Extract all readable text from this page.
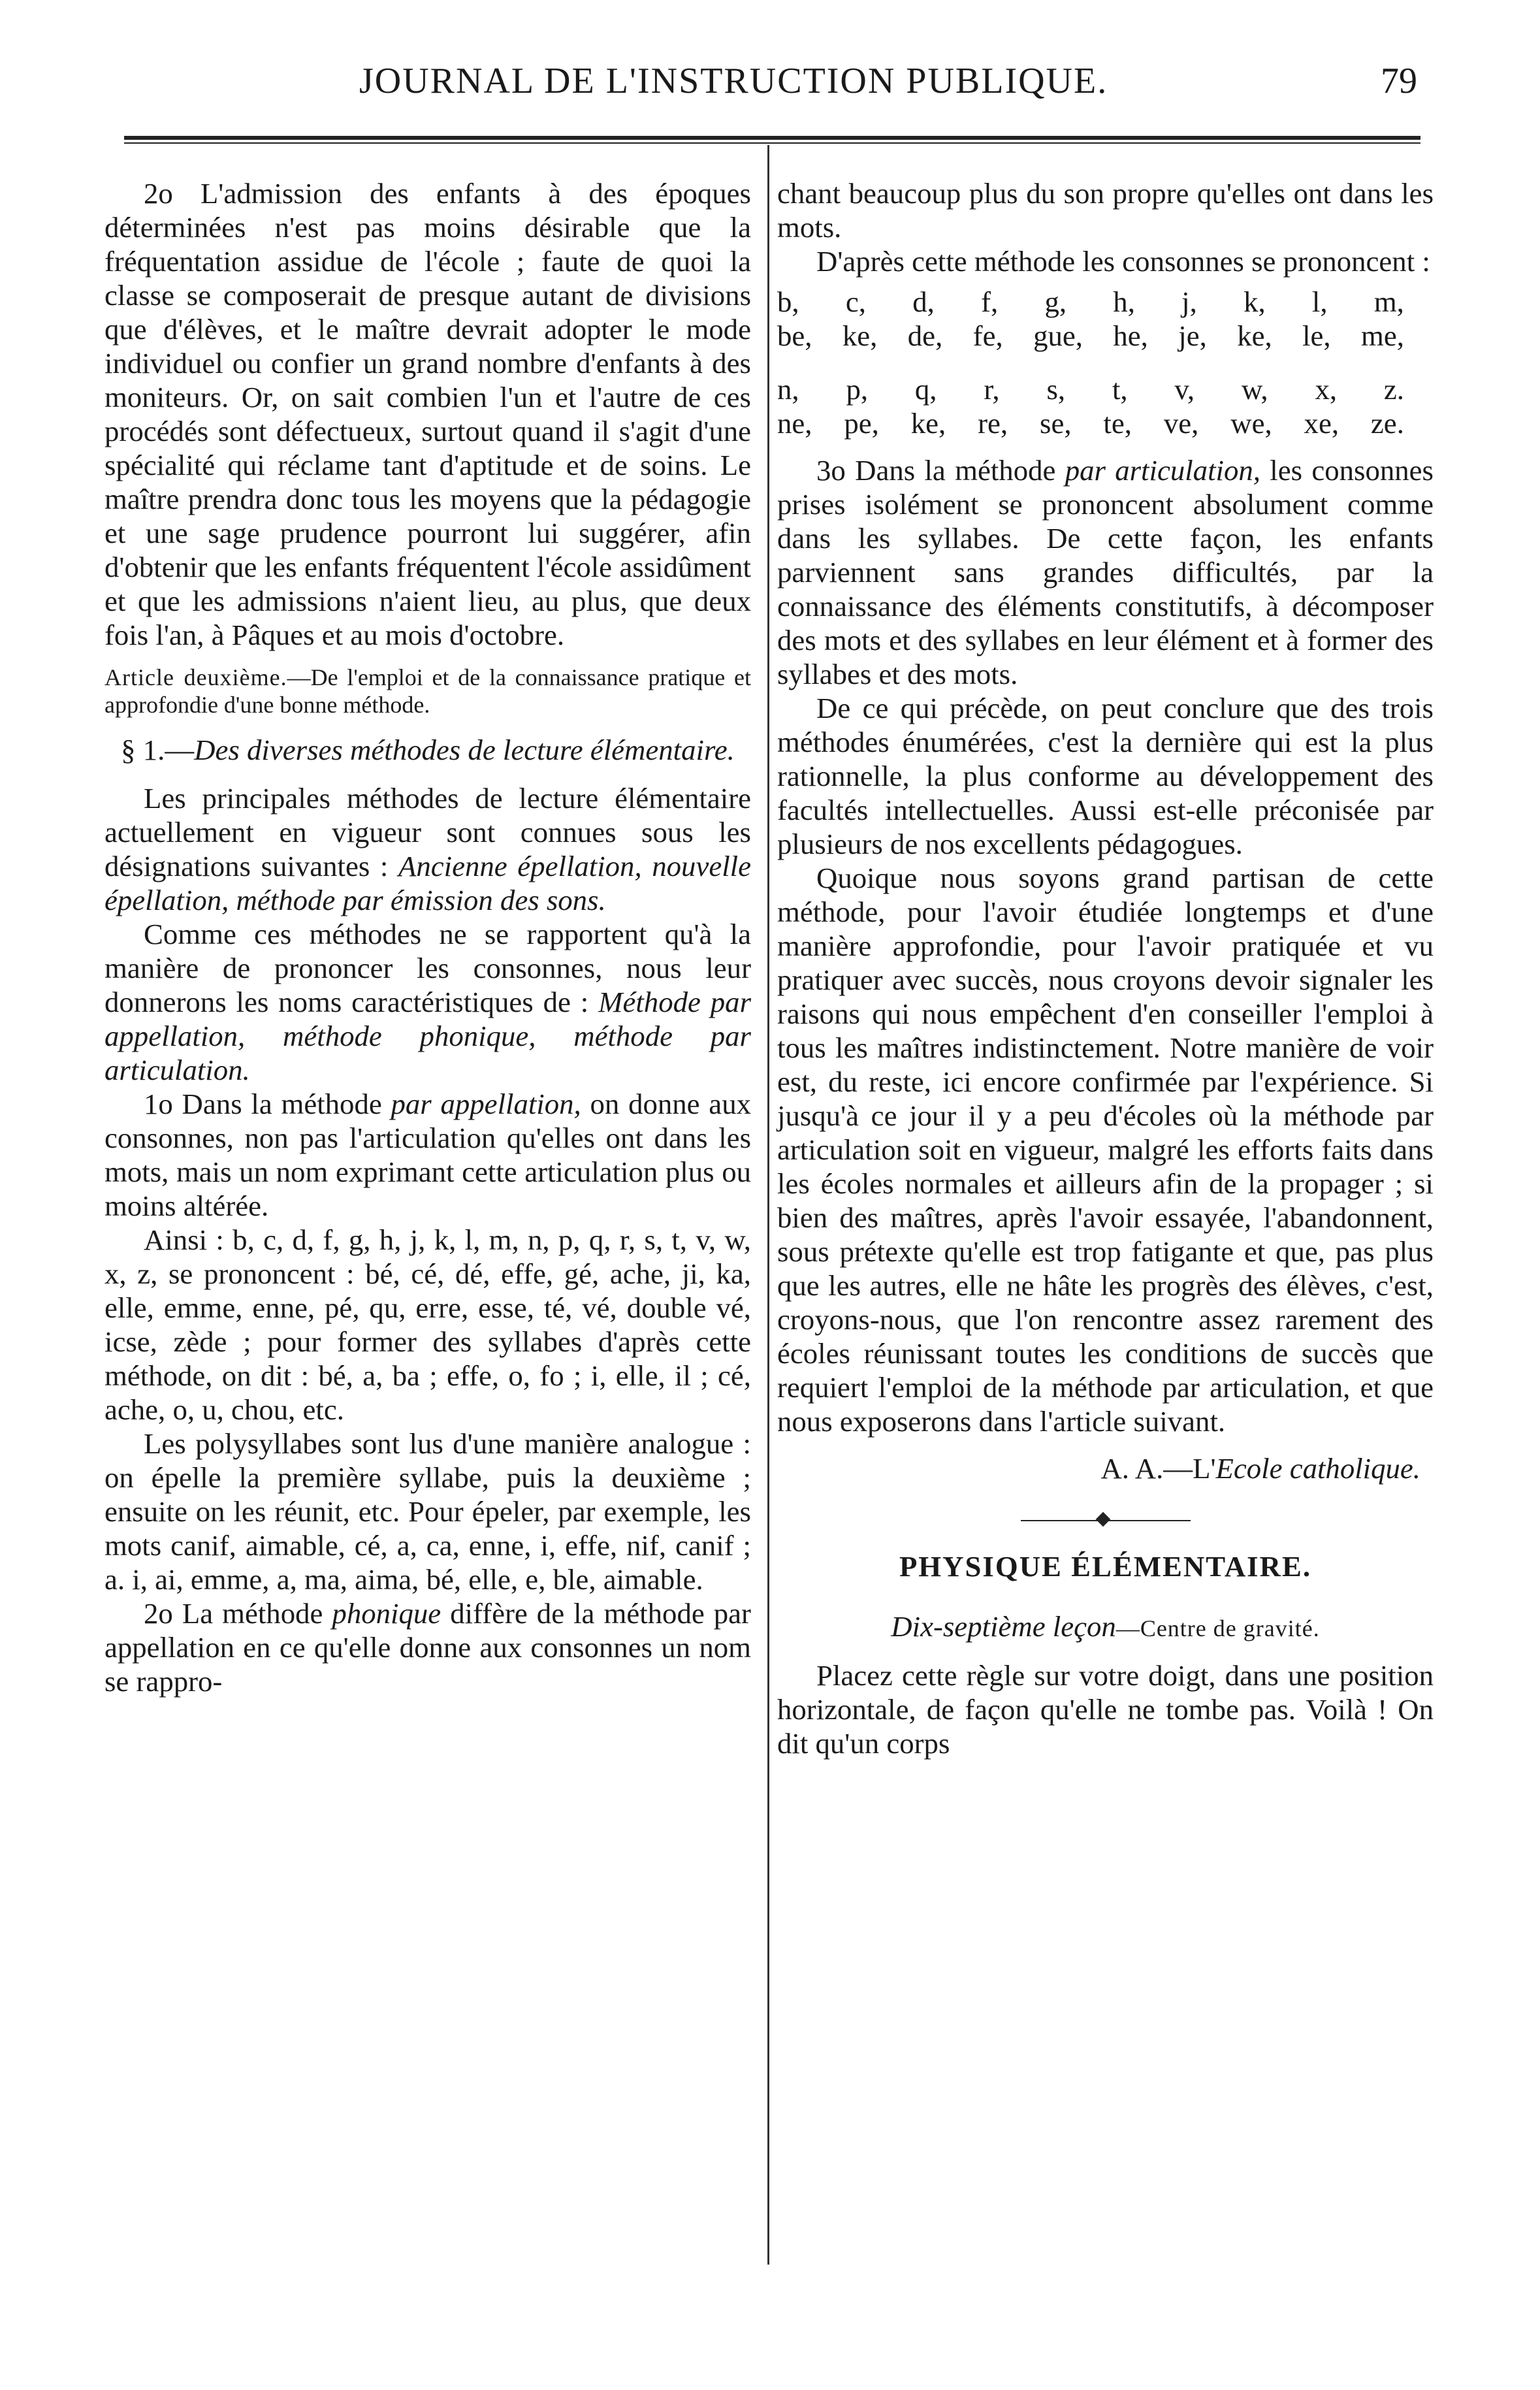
JOURNAL DE L'INSTRUCTION PUBLIQUE.	79

2o L'admission des enfants à des époques déterminées n'est pas moins désirable que la fréquentation assidue de l'école ; faute de quoi la classe se composerait de presque autant de divisions que d'élèves, et le maître devrait adopter le mode individuel ou confier un grand nombre d'enfants à des moniteurs. Or, on sait combien l'un et l'autre de ces procédés sont défectueux, surtout quand il s'agit d'une spécialité qui réclame tant d'aptitude et de soins. Le maître prendra donc tous les moyens que la pédagogie et une sage prudence pourront lui suggérer, afin d'obtenir que les enfants fréquentent l'école assidûment et que les admissions n'aient lieu, au plus, que deux fois l'an, à Pâques et au mois d'octobre.

Article deuxième.—De l'emploi et de la connaissance pratique et approfondie d'une bonne méthode.

§ 1.—Des diverses méthodes de lecture élémentaire.

Les principales méthodes de lecture élémentaire actuellement en vigueur sont connues sous les désignations suivantes : Ancienne épellation, nouvelle épellation, méthode par émission des sons.

Comme ces méthodes ne se rapportent qu'à la manière de prononcer les consonnes, nous leur donnerons les noms caractéristiques de : Méthode par appellation, méthode phonique, méthode par articulation.

1o Dans la méthode par appellation, on donne aux consonnes, non pas l'articulation qu'elles ont dans les mots, mais un nom exprimant cette articulation plus ou moins altérée.

Ainsi : b, c, d, f, g, h, j, k, l, m, n, p, q, r, s, t, v, w, x, z, se prononcent : bé, cé, dé, effe, gé, ache, ji, ka, elle, emme, enne, pé, qu, erre, esse, té, vé, double vé, icse, zède ; pour former des syllabes d'après cette méthode, on dit : bé, a, ba ; effe, o, fo ; i, elle, il ; cé, ache, o, u, chou, etc.

Les polysyllabes sont lus d'une manière analogue : on épelle la première syllabe, puis la deuxième ; ensuite on les réunit, etc. Pour épeler, par exemple, les mots canif, aimable, cé, a, ca, enne, i, effe, nif, canif ; a. i, ai, emme, a, ma, aima, bé, elle, e, ble, aimable.

2o La méthode phonique diffère de la méthode par appellation en ce qu'elle donne aux consonnes un nom se rappro-

chant beaucoup plus du son propre qu'elles ont dans les mots.

D'après cette méthode les consonnes se prononcent :

b, c, d, f, g, h, j, k, l, m,
be, ke, de, fe, gue, he, je, ke, le, me,
n, p, q, r, s, t, v, w, x, z.
ne, pe, ke, re, se, te, ve, we, xe, ze.

3o Dans la méthode par articulation, les consonnes prises isolément se prononcent absolument comme dans les syllabes. De cette façon, les enfants parviennent sans grandes difficultés, par la connaissance des éléments constitutifs, à décomposer des mots et des syllabes en leur élément et à former des syllabes et des mots.

De ce qui précède, on peut conclure que des trois méthodes énumérées, c'est la dernière qui est la plus rationnelle, la plus conforme au développement des facultés intellectuelles. Aussi est-elle préconisée par plusieurs de nos excellents pédagogues.

Quoique nous soyons grand partisan de cette méthode, pour l'avoir étudiée longtemps et d'une manière approfondie, pour l'avoir pratiquée et vu pratiquer avec succès, nous croyons devoir signaler les raisons qui nous empêchent d'en conseiller l'emploi à tous les maîtres indistinctement. Notre manière de voir est, du reste, ici encore confirmée par l'expérience. Si jusqu'à ce jour il y a peu d'écoles où la méthode par articulation soit en vigueur, malgré les efforts faits dans les écoles normales et ailleurs afin de la propager ; si bien des maîtres, après l'avoir essayée, l'abandonnent, sous prétexte qu'elle est trop fatigante et que, pas plus que les autres, elle ne hâte les progrès des élèves, c'est, croyons-nous, que l'on rencontre assez rarement des écoles réunissant toutes les conditions de succès que requiert l'emploi de la méthode par articulation, et que nous exposerons dans l'article suivant.

A. A.—L'Ecole catholique.

PHYSIQUE ÉLÉMENTAIRE.

Dix-septième leçon—Centre de gravité.

Placez cette règle sur votre doigt, dans une position horizontale, de façon qu'elle ne tombe pas. Voilà ! On dit qu'un corps
